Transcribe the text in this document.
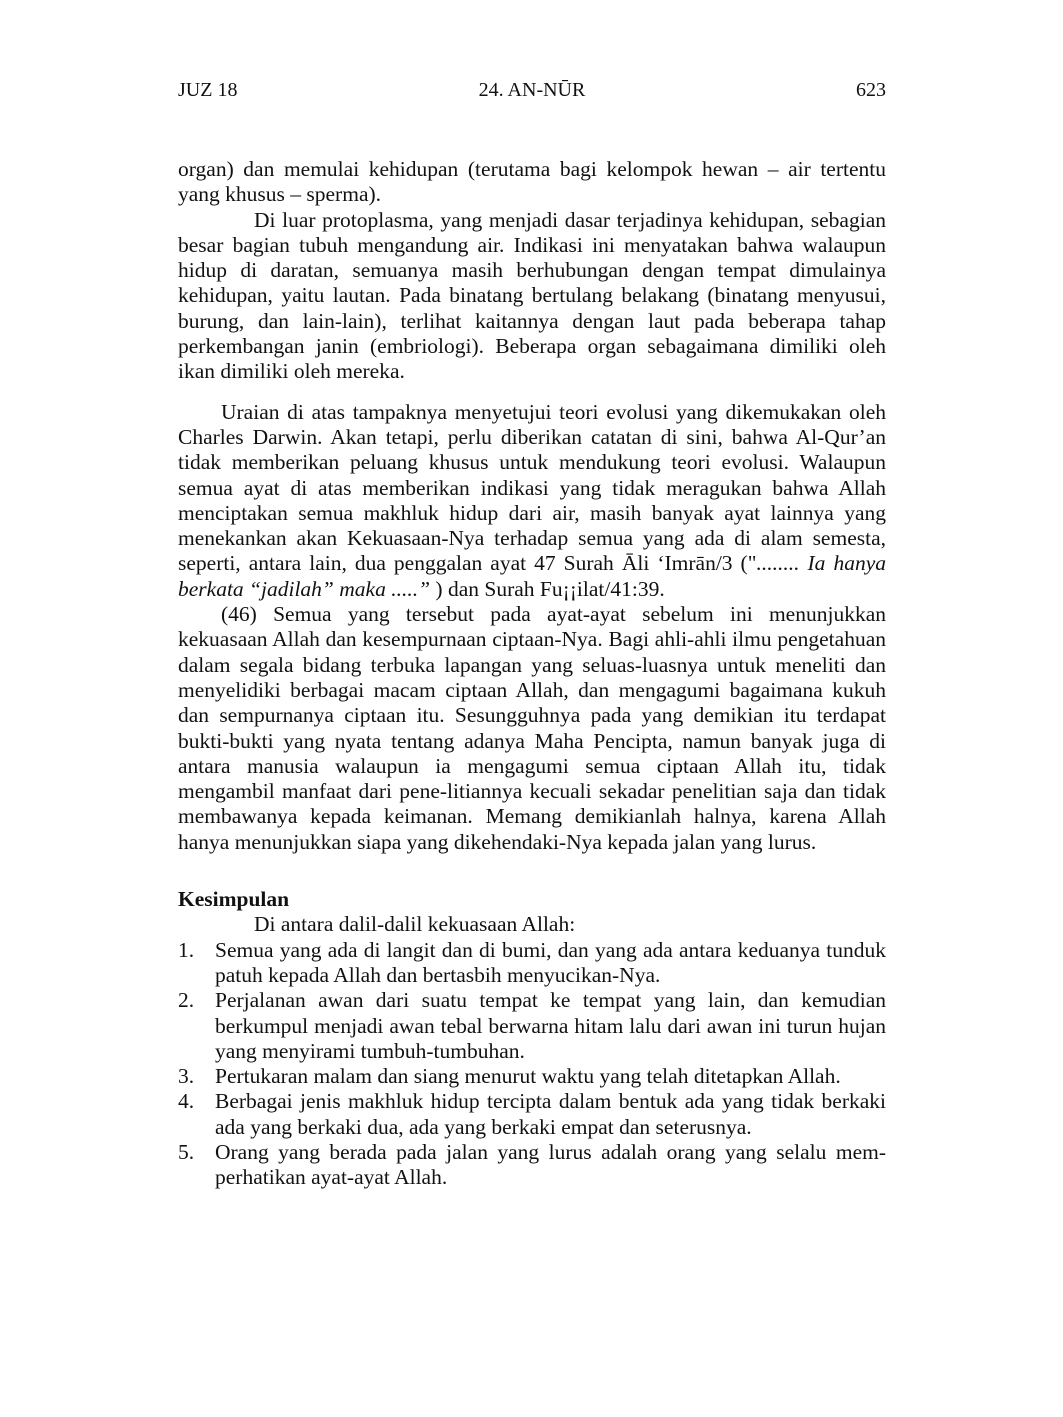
JUZ 18	24. AN-NŪR	623

organ) dan memulai kehidupan (terutama bagi kelompok hewan – air tertentu yang khusus – sperma).

Di luar protoplasma, yang menjadi dasar terjadinya kehidupan, sebagian besar bagian tubuh mengandung air. Indikasi ini menyatakan bahwa walaupun hidup di daratan, semuanya masih berhubungan dengan tempat dimulainya kehidupan, yaitu lautan. Pada binatang bertulang belakang (binatang menyusui, burung, dan lain-lain), terlihat kaitannya dengan laut pada beberapa tahap perkembangan janin (embriologi). Beberapa organ sebagaimana dimiliki oleh ikan dimiliki oleh mereka.

Uraian di atas tampaknya menyetujui teori evolusi yang dikemukakan oleh Charles Darwin. Akan tetapi, perlu diberikan catatan di sini, bahwa Al-Qur’an tidak memberikan peluang khusus untuk mendukung teori evolusi. Walaupun semua ayat di atas memberikan indikasi yang tidak meragukan bahwa Allah menciptakan semua makhluk hidup dari air, masih banyak ayat lainnya yang menekankan akan Kekuasaan-Nya terhadap semua yang ada di alam semesta, seperti, antara lain, dua penggalan ayat 47 Surah Āli ‘Imrān/3 ("........ Ia hanya berkata “jadilah” maka .....” ) dan Surah Fu¡¡ilat/41:39.

(46) Semua yang tersebut pada ayat-ayat sebelum ini menunjukkan kekuasaan Allah dan kesempurnaan ciptaan-Nya. Bagi ahli-ahli ilmu pengetahuan dalam segala bidang terbuka lapangan yang seluas-luasnya untuk meneliti dan menyelidiki berbagai macam ciptaan Allah, dan mengagumi bagaimana kukuh dan sempurnanya ciptaan itu. Sesungguhnya pada yang demikian itu terdapat bukti-bukti yang nyata tentang adanya Maha Pencipta, namun banyak juga di antara manusia walaupun ia mengagumi semua ciptaan Allah itu, tidak mengambil manfaat dari pene-litiannya kecuali sekadar penelitian saja dan tidak membawanya kepada keimanan. Memang demikianlah halnya, karena Allah hanya menunjukkan siapa yang dikehendaki-Nya kepada jalan yang lurus.

Kesimpulan
Di antara dalil-dalil kekuasaan Allah:
1. Semua yang ada di langit dan di bumi, dan yang ada antara keduanya tunduk patuh kepada Allah dan bertasbih menyucikan-Nya.
2. Perjalanan awan dari suatu tempat ke tempat yang lain, dan kemudian berkumpul menjadi awan tebal berwarna hitam lalu dari awan ini turun hujan yang menyirami tumbuh-tumbuhan.
3. Pertukaran malam dan siang menurut waktu yang telah ditetapkan Allah.
4. Berbagai jenis makhluk hidup tercipta dalam bentuk ada yang tidak berkaki ada yang berkaki dua, ada yang berkaki empat dan seterusnya.
5. Orang yang berada pada jalan yang lurus adalah orang yang selalu mem-perhatikan ayat-ayat Allah.
